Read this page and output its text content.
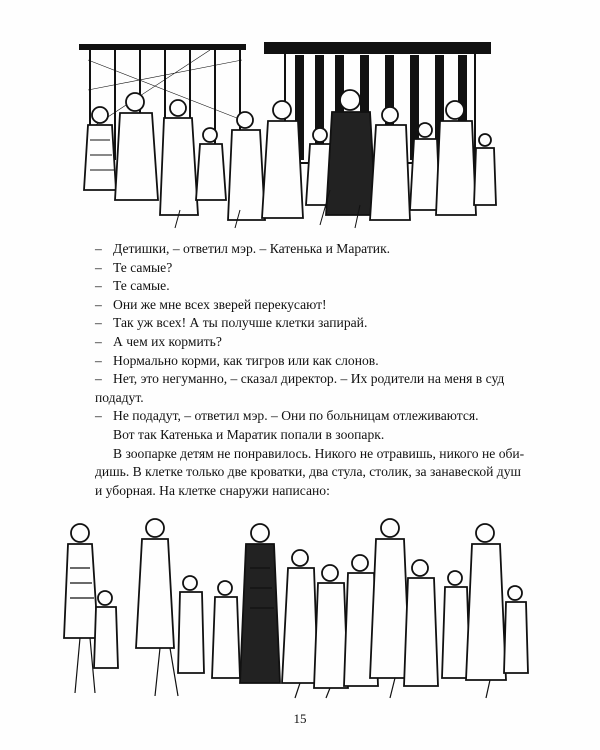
– Детишки, – ответил мэр. – Катенька и Маратик.
– Те самые?
– Те самые.
– Они же мне всех зверей перекусают!
– Так уж всех! А ты получше клетки запирай.
– А чем их кормить?
– Нормально корми, как тигров или как слонов.
– Нет, это негуманно, – сказал директор. – Их родители на меня в суд
подадут.
– Не подадут, – ответил мэр. – Они по больницам отлеживаются.
Вот так Катенька и Маратик попали в зоопарк.
В зоопарке детям не понравилось. Никого не отравишь, никого не оби-
дишь. В клетке только две кроватки, два стула, столик, за занавеской душ
и уборная. На клетке снаружи написано:
15
